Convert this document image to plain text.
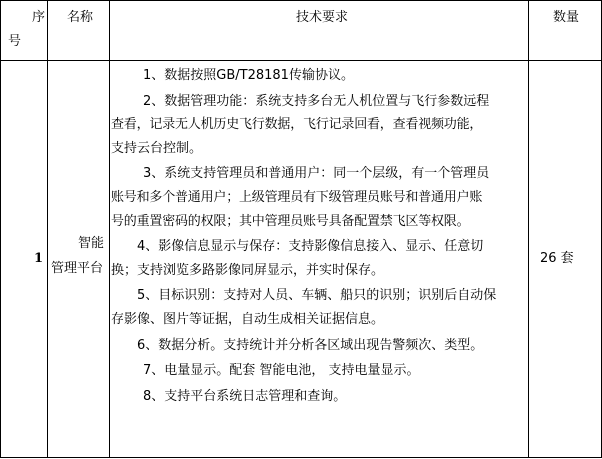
序
号
名称	技术要求	数量
1
智能
管理平台
26 套

1、数据按照GB/T28181传输协议。

2、数据管理功能：系统支持多台无人机位置与飞行参数远程

查看，记录无人机历史飞行数据，飞行记录回看，查看视频功能，

支持云台控制。

3、系统支持管理员和普通用户：同一个层级，有一个管理员

账号和多个普通用户；上级管理员有下级管理员账号和普通用户账

号的重置密码的权限；其中管理员账号具备配置禁飞区等权限。

4、影像信息显示与保存：支持影像信息接入、显示、任意切

换；支持浏览多路影像同屏显示，并实时保存。

5、目标识别：支持对人员、车辆、船只的识别；识别后自动保

存影像、图片等证据，自动生成相关证据信息。

6、数据分析。支持统计并分析各区域出现告警频次、类型。

7、电量显示。配套 智能电池， 支持电量显示。

8、支持平台系统日志管理和查询。
